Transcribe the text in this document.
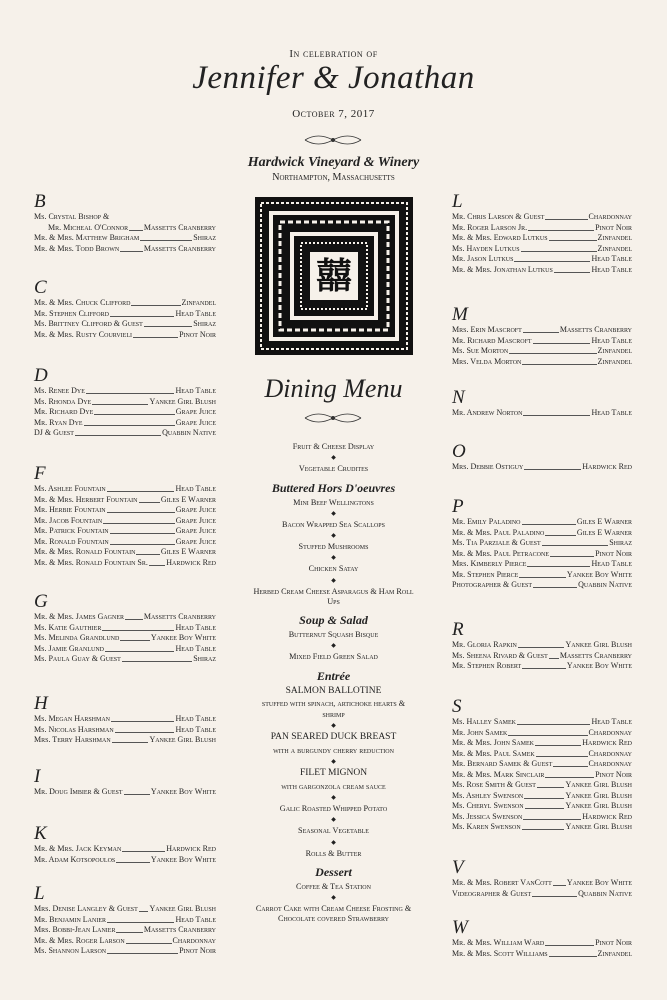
In celebration of
Jennifer & Jonathan
October 7, 2017
Hardwick Vineyard & Winery
Northampton, Massachusetts
囍
Dining Menu
Fruit & Cheese Display
◆
Vegetable Crudites
Buttered Hors D'oeuvres
Mini Beef Wellingtons
◆
Bacon Wrapped Sea Scallops
◆
Stuffed Mushrooms
◆
Chicken Satay
◆
Herbed Cream Cheese Asparagus & Ham Roll Ups
Soup & Salad
Butternut Squash Bisque
◆
Mixed Field Green Salad
Entrée
SALMON BALLOTINE
stuffed with spinach, artichoke hearts & shrimp
◆
PAN SEARED DUCK BREAST
with a burgundy cherry reduction
◆
FILET MIGNON
with gargonzola cream sauce
◆
Galic Roasted Whipped Potato
◆
Seasonal Vegetable
◆
Rolls & Butter
Dessert
Coffee & Tea Station
◆
Carrot Cake with Cream Cheese Frosting & Chocolate covered Strawberry
B
Ms. Crystal Bishop &
Mr. Micheal O'Connor Massetts Cranberry
Mr. & Mrs. Matthew Brigham	Shiraz
Mr. & Mrs. Todd Brown	Massetts Cranberry
C
Mr. & Mrs. Chuck Clifford	Zinfandel
Mr. Stephen Clifford	Head Table
Ms. Brittney Clifford & Guest	Shiraz
Mr. & Mrs. Rusty Courvieli	Pinot Noir
D
Ms. Renee Dye	Head Table
Ms. Rhonda Dye	Yankee Girl Blush
Mr. Richard Dye	Grape Juice
Mr. Ryan Dye	Grape Juice
DJ & Guest	Quabbin Native
F
Ms. Ashlee Fountain	Head Table
Mr. & Mrs. Herbert Fountain	Giles E Warner
Mr. Herbie Fountain	Grape Juice
Mr. Jacob Fountain	Grape Juice
Mr. Patrick Fountain	Grape Juice
Mr. Ronald Fountain	Grape Juice
Mr. & Mrs. Ronald Fountain	Giles E Warner
Mr. & Mrs. Ronald Fountain Sr. Hardwick Red
G
Mr. & Mrs. James Gagner Massetts Cranberry
Ms. Katie Gauthier	Head Table
Ms. Melinda Grandlund	Yankee Boy White
Ms. Jamie Granlund	Head Table
Ms. Paula Guay & Guest	Shiraz
H
Ms. Megan Harshman	Head Table
Ms. Nicolas Harshman	Head Table
Mrs. Terry Harshman	Yankee Girl Blush
I
Mr. Doug Imbier & Guest	Yankee Boy White
K
Mr. & Mrs. Jack Keyman	Hardwick Red
Mr. Adam Kotsopoulos	Yankee Boy White
L
Mrs. Denise Langley & Guest Yankee Girl Blush
Mr. Benjamin Lanier	Head Table
Mrs. Bobbi-Jean Lanier	Massetts Cranberry
Mr. & Mrs. Roger Larson	Chardonnay
Ms. Shannon Larson	Pinot Noir
L
Mr. Chris Larson & Guest	Chardonnay
Mr. Roger Larson Jr.	Pinot Noir
Mr. & Mrs. Edward Lutkus	Zinfandel
Ms. Hayden Lutkus	Zinfandel
Mr. Jason Lutkus	Head Table
Mr. & Mrs. Jonathan Lutkus	Head Table
M
Mrs. Erin Mascroft	Massetts Cranberry
Mr. Richard Mascroft	Head Table
Ms. Sue Morton	Zinfandel
Mrs. Velda Morton	Zinfandel
N
Mr. Andrew Norton	Head Table
O
Mrs. Debbie Ostiguy	Hardwick Red
P
Mr. Emily Paladino	Giles E Warner
Mr. & Mrs. Paul Paladino	Giles E Warner
Ms. Tia Parziale & Guest	Shiraz
Mr. & Mrs. Paul Petracone	Pinot Noir
Mrs. Kimberly Pierce	Head Table
Mr. Stephen Pierce	Yankee Boy White
Photographer & Guest	Quabbin Native
R
Mr. Gloria Rapkin	Yankee Girl Blush
Ms. Sheena Rivard & Guest Massetts Cranberry
Mr. Stephen Robert	Yankee Boy White
S
Ms. Halley Samek	Head Table
Mr. John Samek	Chardonnay
Mr. & Mrs. John Samek	Hardwick Red
Mr. & Mrs. Paul Samek	Chardonnay
Mr. Bernard Samek & Guest	Chardonnay
Mr. & Mrs. Mark Sinclair	Pinot Noir
Ms. Rose Smith & Guest	Yankee Girl Blush
Ms. Ashley Swenson	Yankee Girl Blush
Ms. Cheryl Swenson	Yankee Girl Blush
Ms. Jessica Swenson	Hardwick Red
Ms. Karen Swenson	Yankee Girl Blush
V
Mr. & Mrs. Robert VanCott Yankee Boy White
Videographer & Guest	Quabbin Native
W
Mr. & Mrs. William Ward	Pinot Noir
Mr. & Mrs. Scott Williams	Zinfandel
